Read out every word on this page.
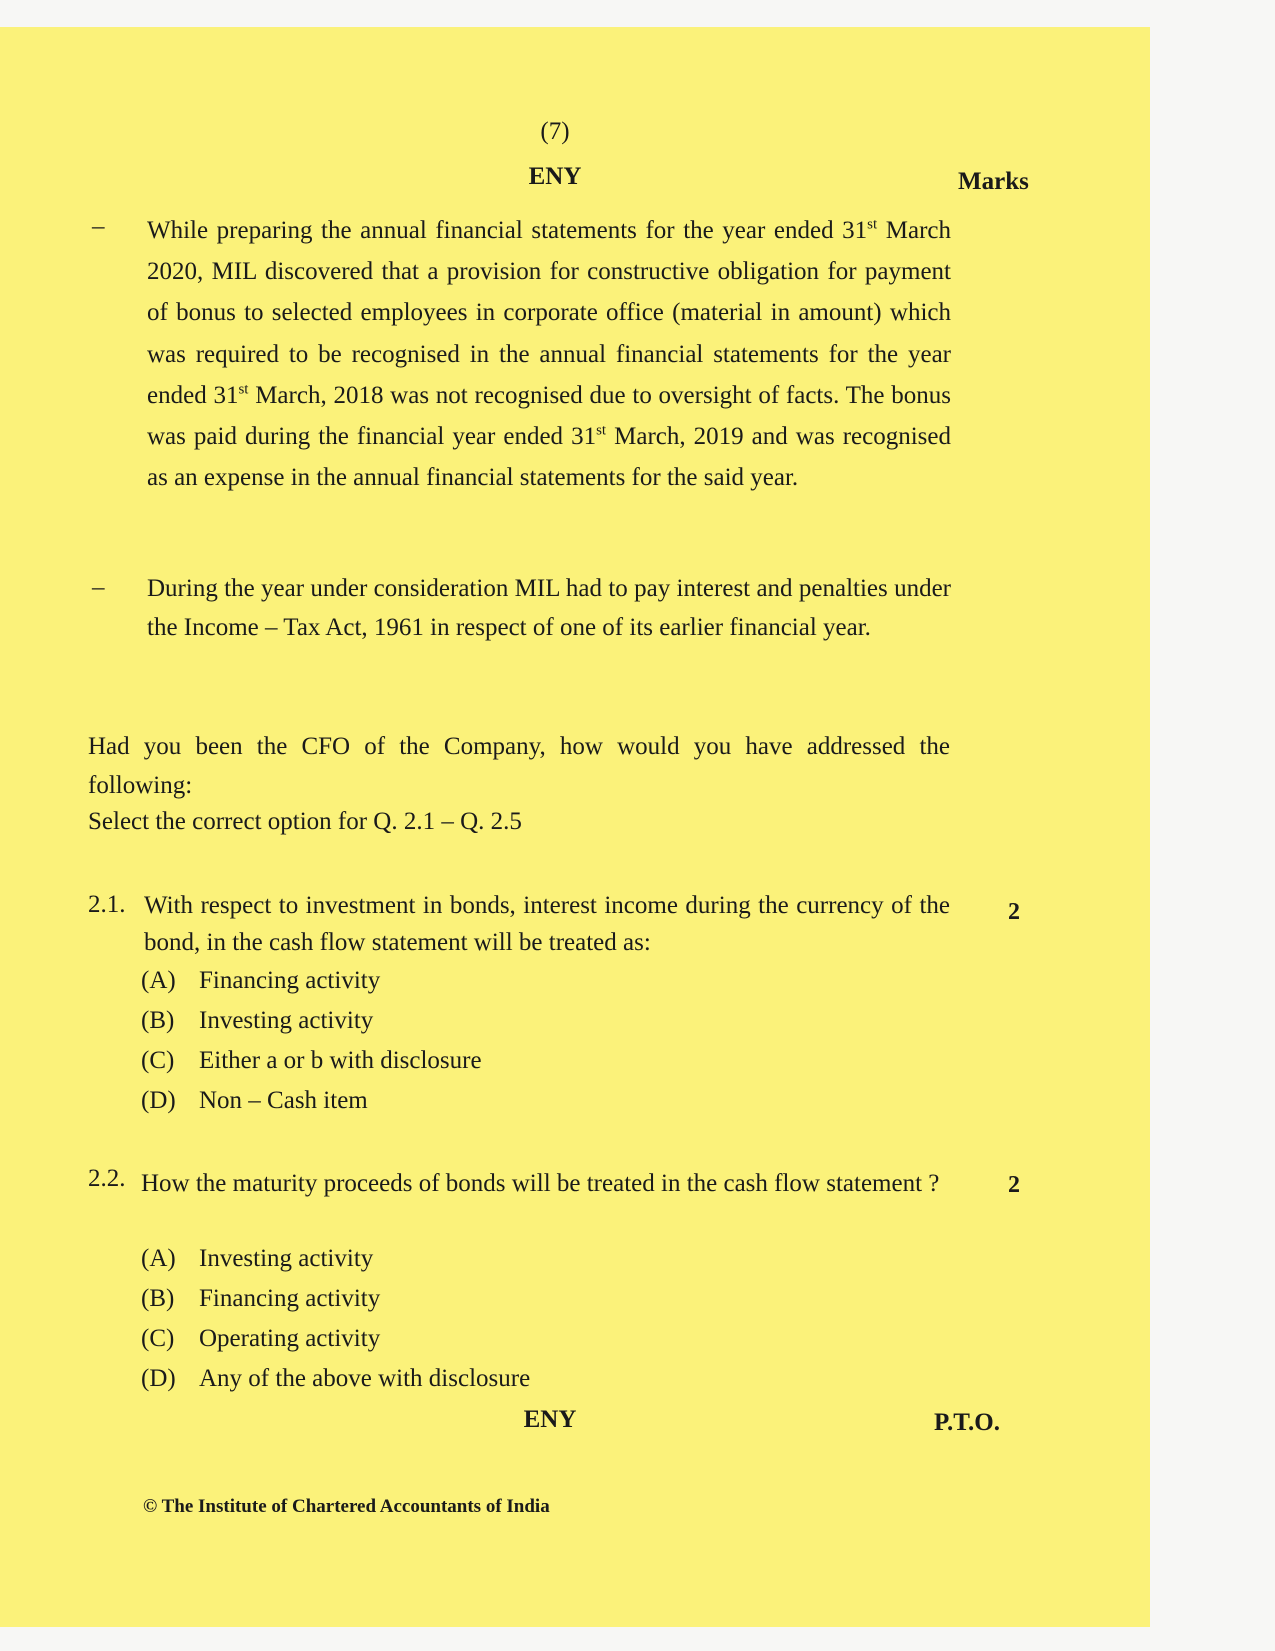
(7)
ENY	Marks
– While preparing the annual financial statements for the year ended 31st March 2020, MIL discovered that a provision for constructive obligation for payment of bonus to selected employees in corporate office (material in amount) which was required to be recognised in the annual financial statements for the year ended 31st March, 2018 was not recognised due to oversight of facts. The bonus was paid during the financial year ended 31st March, 2019 and was recognised as an expense in the annual financial statements for the said year.
– During the year under consideration MIL had to pay interest and penalties under the Income – Tax Act, 1961 in respect of one of its earlier financial year.
Had you been the CFO of the Company, how would you have addressed the following:
Select the correct option for Q. 2.1 – Q. 2.5
2.1. With respect to investment in bonds, interest income during the currency of the bond, in the cash flow statement will be treated as:
2
(A) Financing activity
(B) Investing activity
(C) Either a or b with disclosure
(D) Non – Cash item
2.2. How the maturity proceeds of bonds will be treated in the cash flow statement ?	2
(A) Investing activity
(B) Financing activity
(C) Operating activity
(D) Any of the above with disclosure
ENY	P.T.O.
© The Institute of Chartered Accountants of India
